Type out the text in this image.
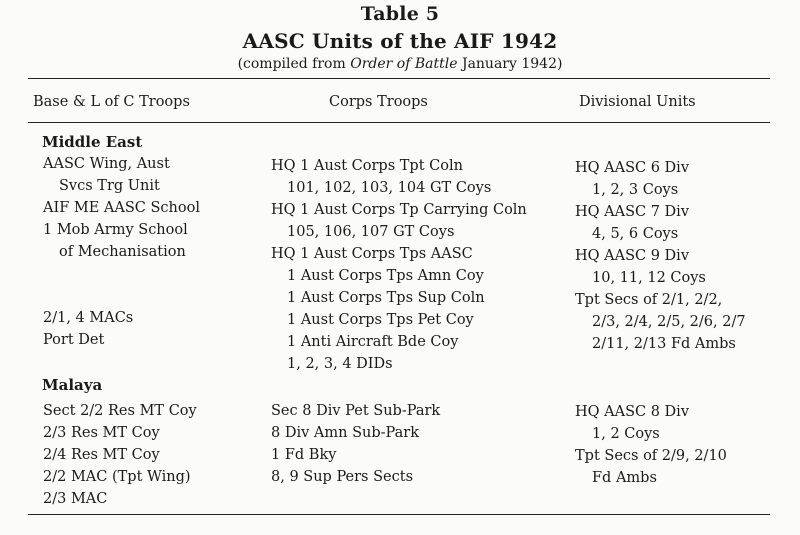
Table 5
AASC Units of the AIF 1942
(compiled from Order of Battle January 1942)
Base & L of C Troops	Corps Troops	Divisional Units
Middle East
AASC Wing, Aust
Svcs Trg Unit
AIF ME AASC School
1 Mob Army School
of Mechanisation
2/1, 4 MACs
Port Det
HQ 1 Aust Corps Tpt Coln
101, 102, 103, 104 GT Coys
HQ 1 Aust Corps Tp Carrying Coln
105, 106, 107 GT Coys
HQ 1 Aust Corps Tps AASC
1 Aust Corps Tps Amn Coy
1 Aust Corps Tps Sup Coln
1 Aust Corps Tps Pet Coy
1 Anti Aircraft Bde Coy
1, 2, 3, 4 DIDs
HQ AASC 6 Div
1, 2, 3 Coys
HQ AASC 7 Div
4, 5, 6 Coys
HQ AASC 9 Div
10, 11, 12 Coys
Tpt Secs of 2/1, 2/2,
2/3, 2/4, 2/5, 2/6, 2/7
2/11, 2/13 Fd Ambs
Malaya
Sect 2/2 Res MT Coy
2/3 Res MT Coy
2/4 Res MT Coy
2/2 MAC (Tpt Wing)
2/3 MAC
Sec 8 Div Pet Sub-Park
8 Div Amn Sub-Park
1 Fd Bky
8, 9 Sup Pers Sects
HQ AASC 8 Div
1, 2 Coys
Tpt Secs of 2/9, 2/10
Fd Ambs
